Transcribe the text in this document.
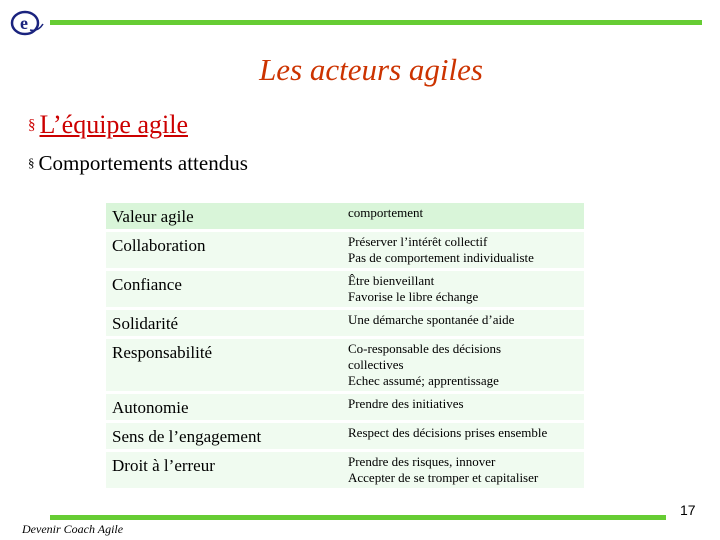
e
Les acteurs agiles
§ L’équipe agile
§ Comportements attendus
Valeur agile	comportement
Collaboration	Préserver l’intérêt collectif
Pas de comportement individualiste

Confiance	Être bienveillant
Favorise le libre échange

Solidarité	Une démarche spontanée d’aide

Responsabilité	Co-responsable des décisions
collectives
Echec assumé; apprentissage

Autonomie	Prendre des initiatives

Sens de l’engagement	Respect des décisions prises ensemble

Droit à l’erreur	Prendre des risques, innover
Accepter de se tromper et capitaliser
17
Devenir Coach Agile
